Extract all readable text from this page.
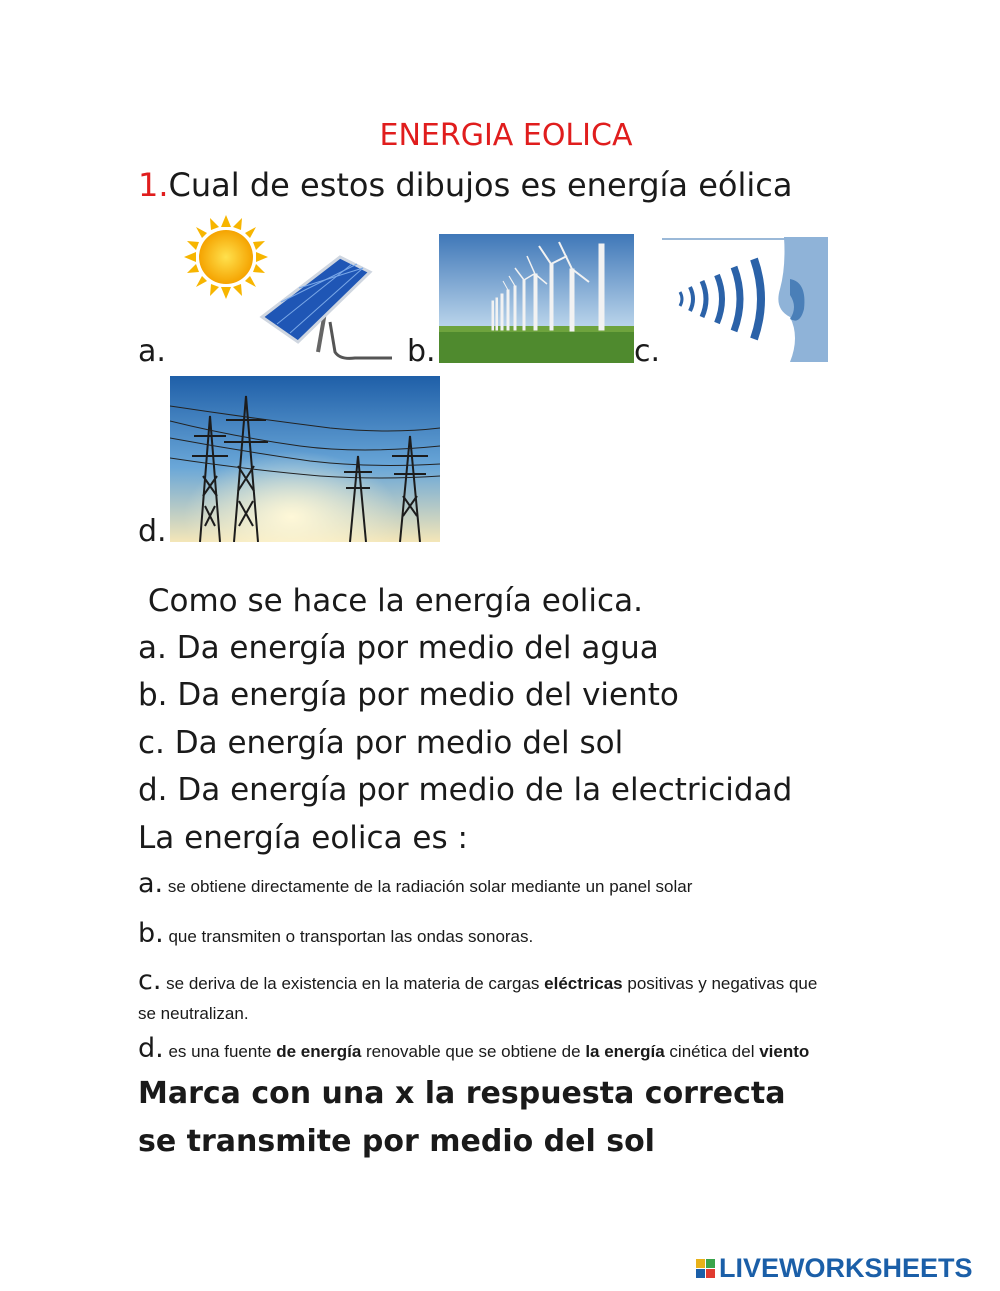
ENERGIA EOLICA
1.Cual de estos dibujos es energía eólica
a.	b.	c.
d.
Como se hace la energía eolica.
a. Da energía por medio del agua
b. Da energía por medio del viento
c. Da energía por medio del sol
d. Da energía por medio de la electricidad
La energía eolica es :
a. se obtiene directamente de la radiación solar mediante un panel solar
b. que transmiten o transportan las ondas sonoras.
c. se deriva de la existencia en la materia de cargas eléctricas positivas y negativas que
se neutralizan.
d. es una fuente de energía renovable que se obtiene de la energía cinética del viento
Marca con una x la respuesta correcta
se transmite por medio del sol
LIVEWORKSHEETS
